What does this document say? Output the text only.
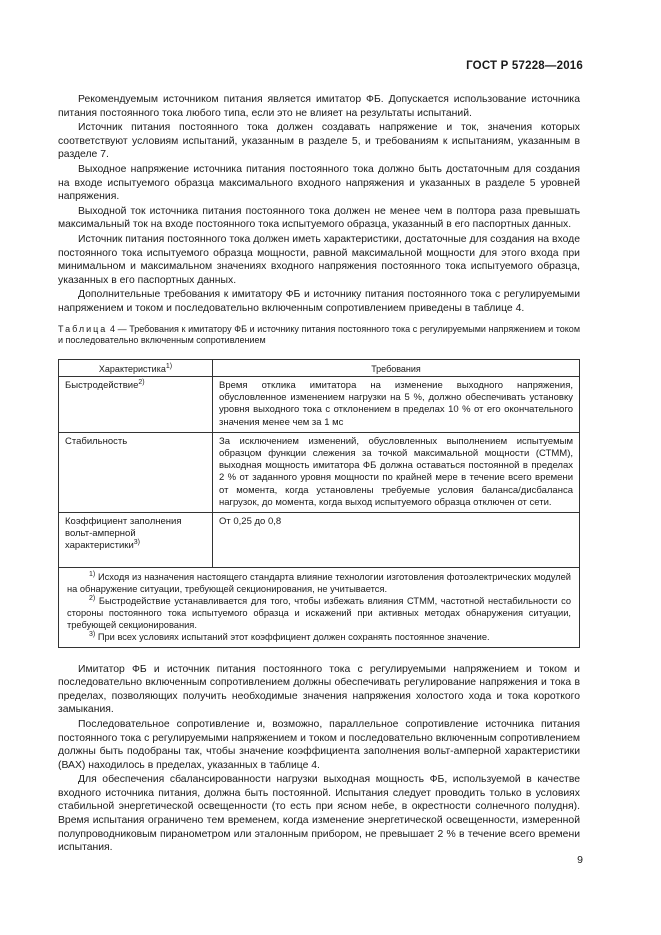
ГОСТ Р 57228—2016

Рекомендуемым источником питания является имитатор ФБ. Допускается использование источника питания постоянного тока любого типа, если это не влияет на результаты испытаний.

Источник питания постоянного тока должен создавать напряжение и ток, значения которых соответствуют условиям испытаний, указанным в разделе 5, и требованиям к испытаниям, указанным в разделе 7.

Выходное напряжение источника питания постоянного тока должно быть достаточным для создания на входе испытуемого образца максимального входного напряжения и указанных в разделе 5 уровней напряжения.

Выходной ток источника питания постоянного тока должен не менее чем в полтора раза превышать максимальный ток на входе постоянного тока испытуемого образца, указанный в его паспортных данных.

Источник питания постоянного тока должен иметь характеристики, достаточные для создания на входе постоянного тока испытуемого образца мощности, равной максимальной мощности для этого входа при минимальном и максимальном значениях входного напряжения постоянного тока испытуемого образца, указанных в его паспортных данных.

Дополнительные требования к имитатору ФБ и источнику питания постоянного тока с регулируемыми напряжением и током и последовательно включенным сопротивлением приведены в таблице 4.

Таблица 4 — Требования к имитатору ФБ и источнику питания постоянного тока с регулируемыми напряжением и током и последовательно включенным сопротивлением
Характеристика$^{1)}$	Требования
Быстродействие$^{2)}$	Время отклика имитатора на изменение выходного напряжения, обусловленное изменением нагрузки на 5 %, должно обеспечивать установку уровня выходного тока с отклонением в пределах 10 % от его окончательного значения менее чем за 1 мс
Стабильность	За исключением изменений, обусловленных выполнением испытуемым образцом функции слежения за точкой максимальной мощности (СТММ), выходная мощность имитатора ФБ должна оставаться постоянной в пределах 2 % от заданного уровня мощности по крайней мере в течение всего времени от момента, когда установлены требуемые условия баланса/дисбаланса нагрузок, до момента, когда выход испытуемого образца отключен от сети.
Коэффициент заполнения вольт-амперной характеристики$^{3)}$	От 0,25 до 0,8

$^{1)}$ Исходя из назначения настоящего стандарта влияние технологии изготовления фотоэлектрических модулей на обнаружение ситуации, требующей секционирования, не учитывается.

$^{2)}$ Быстродействие устанавливается для того, чтобы избежать влияния СТММ, частотной нестабильности со стороны постоянного тока испытуемого образца и искажений при активных методах обнаружения ситуации, требующей секционирования.

$^{3)}$ При всех условиях испытаний этот коэффициент должен сохранять постоянное значение.	

Имитатор ФБ и источник питания постоянного тока с регулируемыми напряжением и током и последовательно включенным сопротивлением должны обеспечивать регулирование напряжения и тока в пределах, позволяющих получить необходимые значения напряжения холостого хода и тока короткого замыкания.

Последовательное сопротивление и, возможно, параллельное сопротивление источника питания постоянного тока с регулируемыми напряжением и током и последовательно включенным сопротивлением должны быть подобраны так, чтобы значение коэффициента заполнения вольт-амперной характеристики (ВАХ) находилось в пределах, указанных в таблице 4.

Для обеспечения сбалансированности нагрузки выходная мощность ФБ, используемой в качестве входного источника питания, должна быть постоянной. Испытания следует проводить только в условиях стабильной энергетической освещенности (то есть при ясном небе, в окрестности солнечного полудня). Время испытания ограничено тем временем, когда изменение энергетической освещенности, измеренной полупроводниковым пиранометром или эталонным прибором, не превышает 2 % в течение всего времени испытания.

9
